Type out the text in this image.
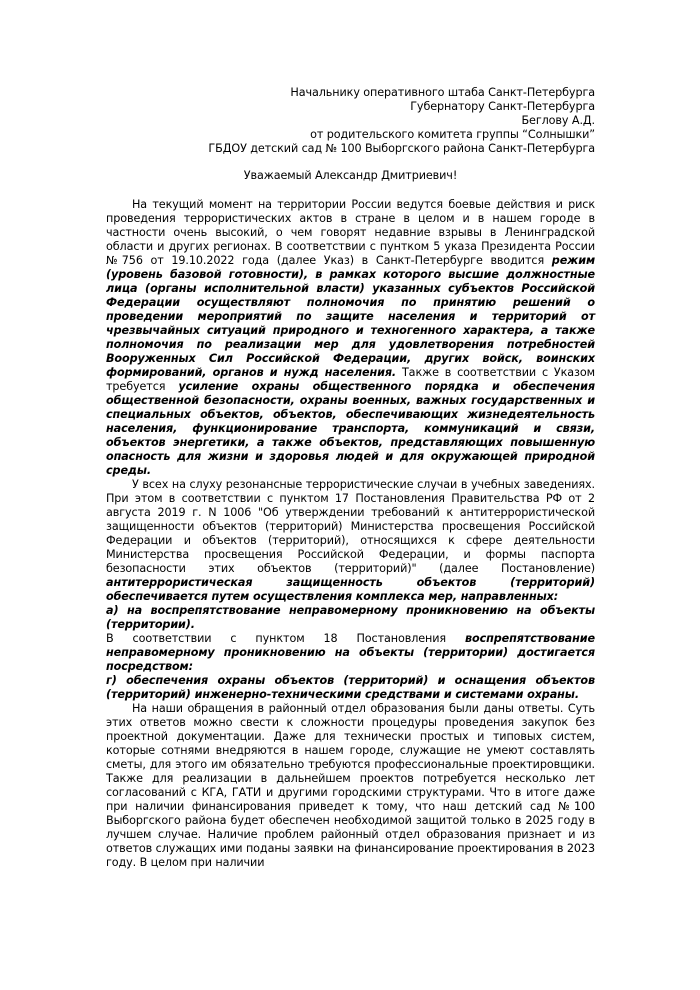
Начальнику оперативного штаба Санкт-Петербурга
Губернатору Санкт-Петербурга
Беглову А.Д.
от родительского комитета группы “Солнышки”
ГБДОУ детский сад № 100 Выборгского района Санкт-Петербурга

Уважаемый Александр Дмитриевич!

На текущий момент на территории России ведутся боевые действия и риск проведения террористических актов в стране в целом и в нашем городе в частности очень высокий, о чем говорят недавние взрывы в Ленинградской области и других регионах. В соответствии с пунтком 5 указа Президента России №756 от 19.10.2022 года (далее Указ) в Санкт-Петербурге вводится режим (уровень базовой готовности), в рамках которого высшие должностные лица (органы исполнительной власти) указанных субъектов Российской Федерации осуществляют полномочия по принятию решений о проведении мероприятий по защите населения и территорий от чрезвычайных ситуаций природного и техногенного характера, а также полномочия по реализации мер для удовлетворения потребностей Вооруженных Сил Российской Федерации, других войск, воинских формирований, органов и нужд населения. Также в соответствии с Указом требуется усиление охраны общественного порядка и обеспечения общественной безопасности, охраны военных, важных государственных и специальных объектов, объектов, обеспечивающих жизнедеятельность населения, функционирование транспорта, коммуникаций и связи, объектов энергетики, а также объектов, представляющих повышенную опасность для жизни и здоровья людей и для окружающей природной среды.

У всех на слуху резонансные террористические случаи в учебных заведениях. При этом в соответствии с пунктом 17 Постановления Правительства РФ от 2 августа 2019 г. N 1006 "Об утверждении требований к антитеррористической защищенности объектов (территорий) Министерства просвещения Российской Федерации и объектов (территорий), относящихся к сфере деятельности Министерства просвещения Российской Федерации, и формы паспорта безопасности этих объектов (территорий)" (далее Постановление) антитеррористическая защищенность объектов (территорий) обеспечивается путем осуществления комплекса мер, направленных:

а) на воспрепятствование неправомерному проникновению на объекты (территории).

В соответствии с пунктом 18 Постановления воспрепятствование неправомерному проникновению на объекты (территории) достигается посредством:

г) обеспечения охраны объектов (территорий) и оснащения объектов (территорий) инженерно-техническими средствами и системами охраны.

На наши обращения в районный отдел образования были даны ответы. Суть этих ответов можно свести к сложности процедуры проведения закупок без проектной документации. Даже для технически простых и типовых систем, которые сотнями внедряются в нашем городе, служащие не умеют составлять сметы, для этого им обязательно требуются профессиональные проектировщики. Также для реализации в дальнейшем проектов потребуется несколько лет согласований с КГА, ГАТИ и другими городскими структурами. Что в итоге даже при наличии финансирования приведет к тому, что наш детский сад №100 Выборгского района будет обеспечен необходимой защитой только в 2025 году в лучшем случае. Наличие проблем районный отдел образования признает и из ответов служащих ими поданы заявки на финансирование проектирования в 2023 году. В целом при наличии
